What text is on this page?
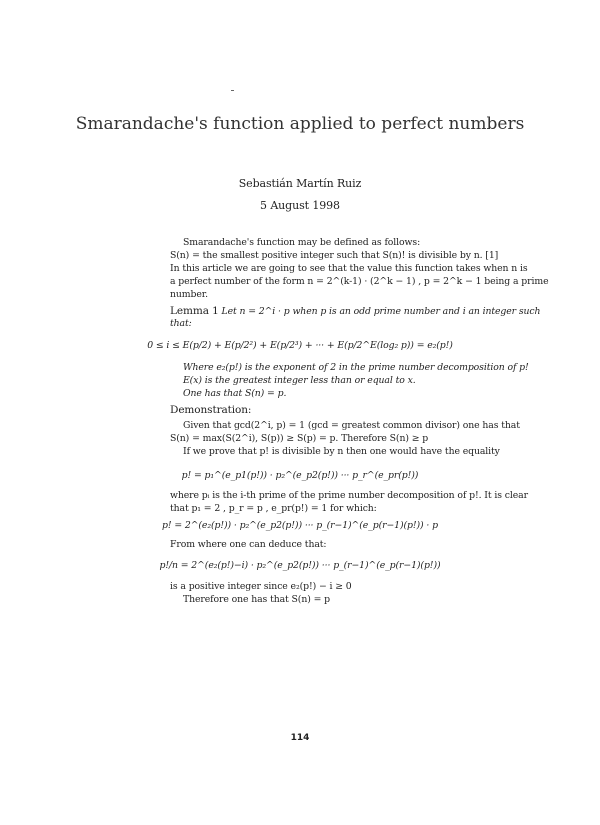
Smarandache's function applied to perfect numbers
Sebastián Martín Ruiz
5 August 1998
Smarandache's function may be defined as follows:
S(n) = the smallest positive integer such that S(n)! is divisible by n. [1]
In this article we are going to see that the value this function takes when n is
a perfect number of the form n = 2^(k-1) · (2^k − 1) , p = 2^k − 1 being a prime
number.
Lemma 1 Let n = 2^i · p when p is an odd prime number and i an integer such
that:
0 ≤ i ≤ E(p/2) + E(p/2²) + E(p/2³) + ··· + E(p/2^E(log₂ p)) = e₂(p!)
Where e₂(p!) is the exponent of 2 in the prime number decomposition of p!
E(x) is the greatest integer less than or equal to x.
One has that S(n) = p.
Demonstration:
Given that gcd(2^i, p) = 1 (gcd = greatest common divisor) one has that
S(n) = max(S(2^i), S(p)) ≥ S(p) = p. Therefore S(n) ≥ p
If we prove that p! is divisible by n then one would have the equality
p! = p₁^(e_p1(p!)) · p₂^(e_p2(p!)) ··· p_r^(e_pr(p!))
where pᵢ is the i-th prime of the prime number decomposition of p!. It is clear
that p₁ = 2 , p_r = p , e_pr(p!) = 1 for which:
p! = 2^(e₂(p!)) · p₂^(e_p2(p!)) ··· p_(r−1)^(e_p(r−1)(p!)) · p
From where one can deduce that:
p!/n = 2^(e₂(p!)−i) · p₂^(e_p2(p!)) ··· p_(r−1)^(e_p(r−1)(p!))
is a positive integer since e₂(p!) − i ≥ 0
Therefore one has that S(n) = p
114
